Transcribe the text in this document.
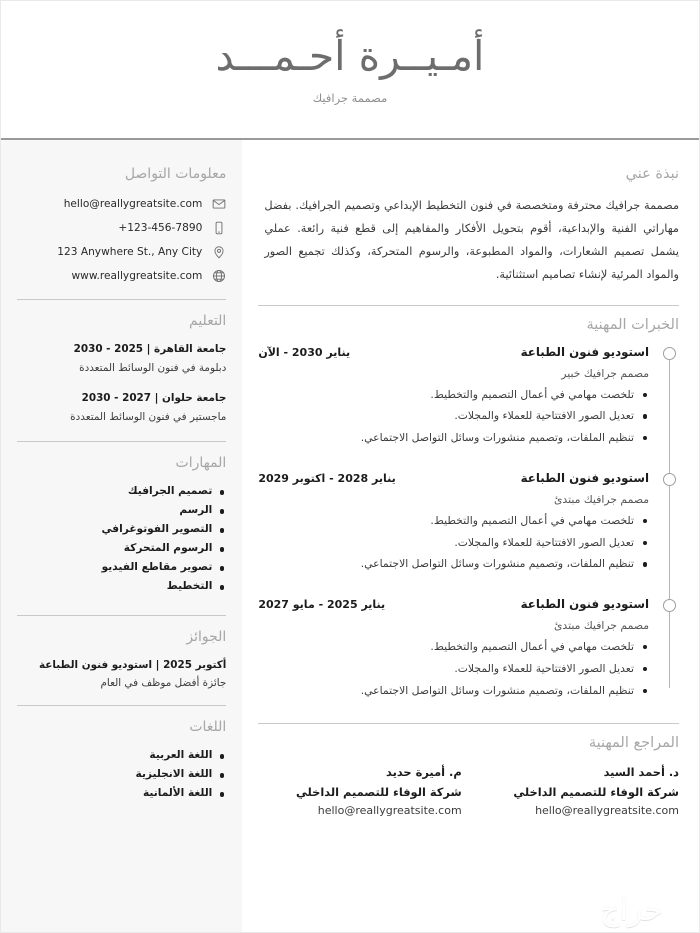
أمـيــرة أحـمـــد
مصممة جرافيك
نبذة عني
مصممة جرافيك محترفة ومتخصصة في فنون التخطيط الإبداعي وتصميم الجرافيك. بفضل مهاراتي الفنية والإبداعية، أقوم بتحويل الأفكار والمفاهيم إلى قطع فنية رائعة. عملي يشمل تصميم الشعارات، والمواد المطبوعة، والرسوم المتحركة، وكذلك تجميع الصور والمواد المرئية لإنشاء تصاميم استثنائية.
الخبرات المهنية
استوديو فنون الطباعة
يناير 2030 - الآن
مصمم جرافيك خبير
تلخصت مهامي في أعمال التصميم والتخطيط.
تعديل الصور الافتتاحية للعملاء والمجلات.
تنظيم الملفات، وتصميم منشورات وسائل التواصل الاجتماعي.
استوديو فنون الطباعة
يناير 2028 - اكتوبر 2029
مصمم جرافيك مبتدئ
تلخصت مهامي في أعمال التصميم والتخطيط.
تعديل الصور الافتتاحية للعملاء والمجلات.
تنظيم الملفات، وتصميم منشورات وسائل التواصل الاجتماعي.
استوديو فنون الطباعة
يناير 2025 - مايو 2027
مصمم جرافيك مبتدئ
تلخصت مهامي في أعمال التصميم والتخطيط.
تعديل الصور الافتتاحية للعملاء والمجلات.
تنظيم الملفات، وتصميم منشورات وسائل التواصل الاجتماعي.
المراجع المهنية
د. أحمد السيد
شركة الوفاء للتصميم الداخلي
hello@reallygreatsite.com
م. أميرة حديد
شركة الوفاء للتصميم الداخلي
hello@reallygreatsite.com
معلومات التواصل
hello@reallygreatsite.com
+123-456-7890
123 Anywhere St., Any City
www.reallygreatsite.com
التعليم
جامعة القاهرة | 2025 - 2030
دبلومة في فنون الوسائط المتعددة
جامعة حلوان | 2027 - 2030
ماجستير في فنون الوسائط المتعددة
المهارات
تصميم الجرافيك
الرسم
التصوير الفوتوغرافي
الرسوم المتحركة
تصوير مقاطع الفيديو
التخطيط
الجوائز
أكتوبر 2025 | استوديو فنون الطباعة
جائزة أفضل موظف في العام
اللغات
اللغة العربية
اللغة الانجليزية
اللغة الألمانية
حراج
